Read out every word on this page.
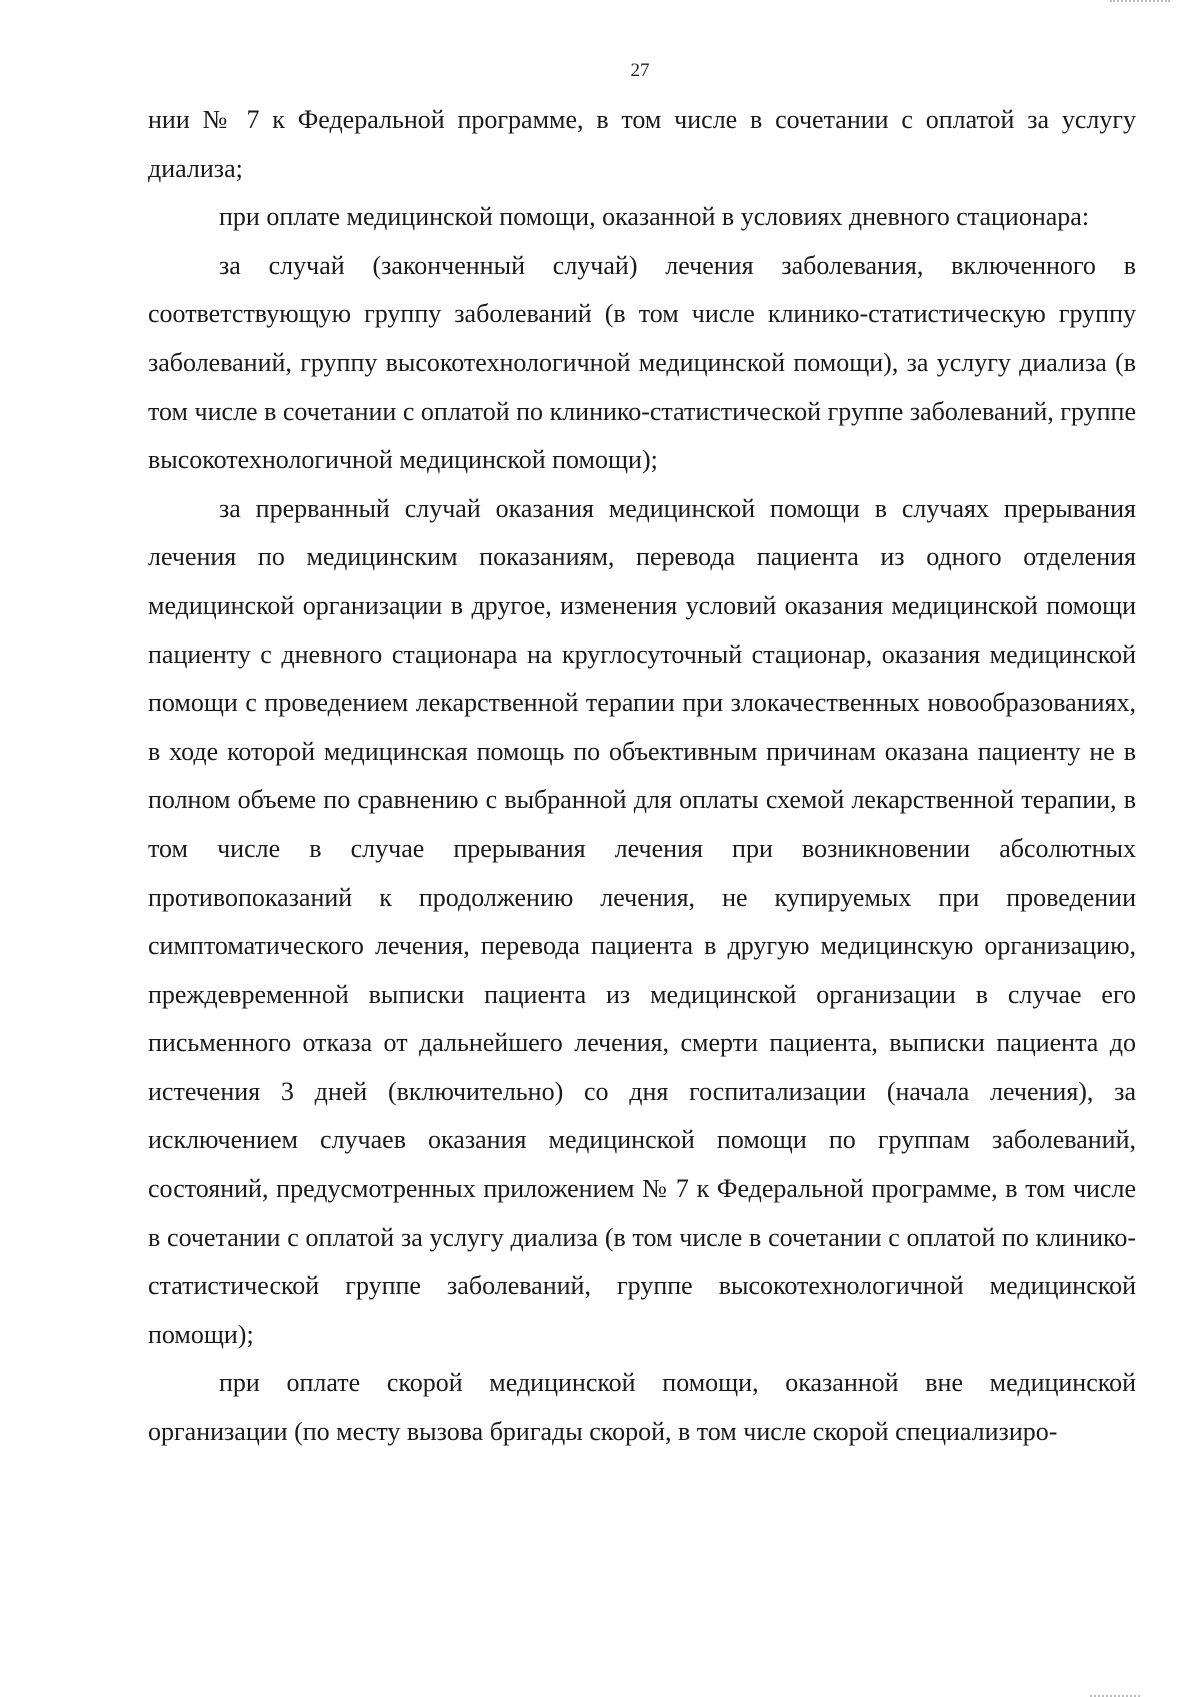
27

нии № 7 к Федеральной программе, в том числе в сочетании с оплатой за услугу диализа;

при оплате медицинской помощи, оказанной в условиях дневного стационара:

за случай (законченный случай) лечения заболевания, включенного в соответствующую группу заболеваний (в том числе клинико-статистическую группу заболеваний, группу высокотехнологичной медицинской помощи), за услугу диализа (в том числе в сочетании с оплатой по клинико-статистической группе заболеваний, группе высокотехнологичной медицинской помощи);

за прерванный случай оказания медицинской помощи в случаях прерывания лечения по медицинским показаниям, перевода пациента из одного отделения медицинской организации в другое, изменения условий оказания медицинской помощи пациенту с дневного стационара на круглосуточный стационар, оказания медицинской помощи с проведением лекарственной терапии при злокачественных новообразованиях, в ходе которой медицинская помощь по объективным причинам оказана пациенту не в полном объеме по сравнению с выбранной для оплаты схемой лекарственной терапии, в том числе в случае прерывания лечения при возникновении абсолютных противопоказаний к продолжению лечения, не купируемых при проведении симптоматического лечения, перевода пациента в другую медицинскую организацию, преждевременной выписки пациента из медицинской организации в случае его письменного отказа от дальнейшего лечения, смерти пациента, выписки пациента до истечения 3 дней (включительно) со дня госпитализации (начала лечения), за исключением случаев оказания медицинской помощи по группам заболеваний, состояний, предусмотренных приложением № 7 к Федеральной программе, в том числе в сочетании с оплатой за услугу диализа (в том числе в сочетании с оплатой по клинико-статистической группе заболеваний, группе высокотехнологичной медицинской помощи);

при оплате скорой медицинской помощи, оказанной вне медицинской организации (по месту вызова бригады скорой, в том числе скорой специализиро-
